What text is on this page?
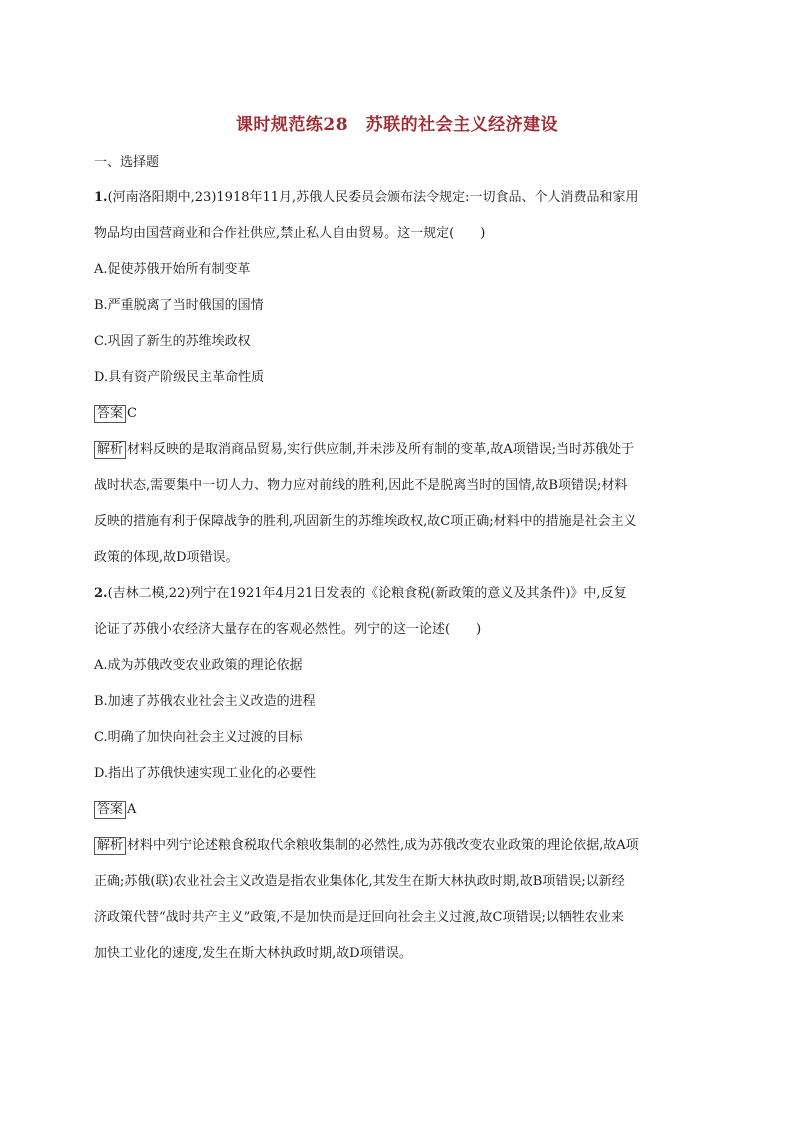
课时规范练28　苏联的社会主义经济建设
一、选择题
1.(河南洛阳期中,23)1918年11月,苏俄人民委员会颁布法令规定:一切食品、个人消费品和家用
物品均由国营商业和合作社供应,禁止私人自由贸易。这一规定(　　)
A.促使苏俄开始所有制变革
B.严重脱离了当时俄国的国情
C.巩固了新生的苏维埃政权
D.具有资产阶级民主革命性质
答案 C
解析 材料反映的是取消商品贸易,实行供应制,并未涉及所有制的变革,故A项错误;当时苏俄处于
战时状态,需要集中一切人力、物力应对前线的胜利,因此不是脱离当时的国情,故B项错误;材料
反映的措施有利于保障战争的胜利,巩固新生的苏维埃政权,故C项正确;材料中的措施是社会主义
政策的体现,故D项错误。
2.(吉林二模,22)列宁在1921年4月21日发表的《论粮食税(新政策的意义及其条件)》中,反复
论证了苏俄小农经济大量存在的客观必然性。列宁的这一论述(　　)
A.成为苏俄改变农业政策的理论依据
B.加速了苏俄农业社会主义改造的进程
C.明确了加快向社会主义过渡的目标
D.指出了苏俄快速实现工业化的必要性
答案 A
解析 材料中列宁论述粮食税取代余粮收集制的必然性,成为苏俄改变农业政策的理论依据,故A项
正确;苏俄(联)农业社会主义改造是指农业集体化,其发生在斯大林执政时期,故B项错误;以新经
济政策代替“战时共产主义”政策,不是加快而是迂回向社会主义过渡,故C项错误;以牺牲农业来
加快工业化的速度,发生在斯大林执政时期,故D项错误。
